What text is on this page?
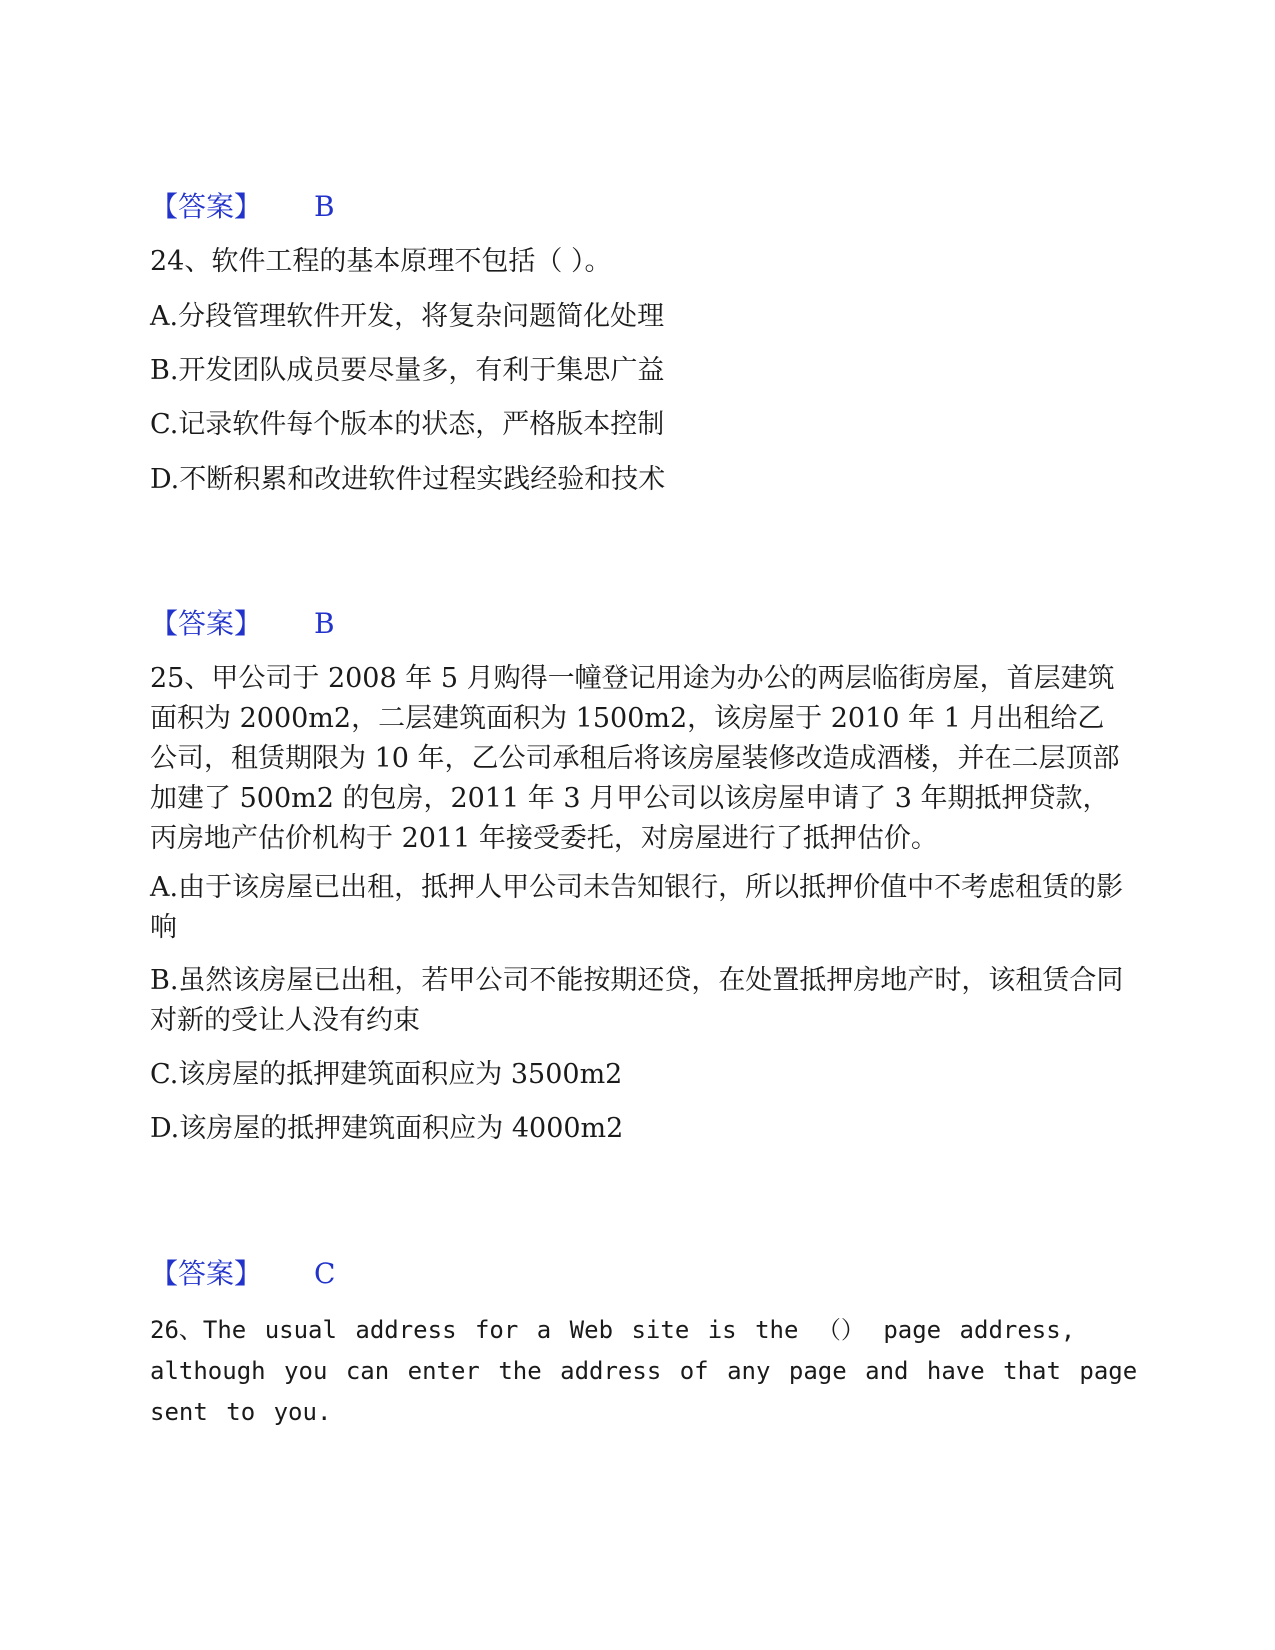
【答案】 B

24、软件工程的基本原理不包括（ ）。

A.分段管理软件开发，将复杂问题简化处理

B.开发团队成员要尽量多，有利于集思广益

C.记录软件每个版本的状态，严格版本控制

D.不断积累和改进软件过程实践经验和技术

【答案】 B

25、甲公司于 2008 年 5 月购得一幢登记用途为办公的两层临街房屋，首层建筑面积为 2000m2，二层建筑面积为 1500m2，该房屋于 2010 年 1 月出租给乙公司，租赁期限为 10 年，乙公司承租后将该房屋装修改造成酒楼，并在二层顶部加建了 500m2 的包房，2011 年 3 月甲公司以该房屋申请了 3 年期抵押贷款，丙房地产估价机构于 2011 年接受委托，对房屋进行了抵押估价。

A.由于该房屋已出租，抵押人甲公司未告知银行，所以抵押价值中不考虑租赁的影响

B.虽然该房屋已出租，若甲公司不能按期还贷，在处置抵押房地产时，该租赁合同对新的受让人没有约束

C.该房屋的抵押建筑面积应为 3500m2

D.该房屋的抵押建筑面积应为 4000m2

【答案】 C

26、The usual address for a Web site is the （） page address, although you can enter the address of any page and have that page sent to you.
